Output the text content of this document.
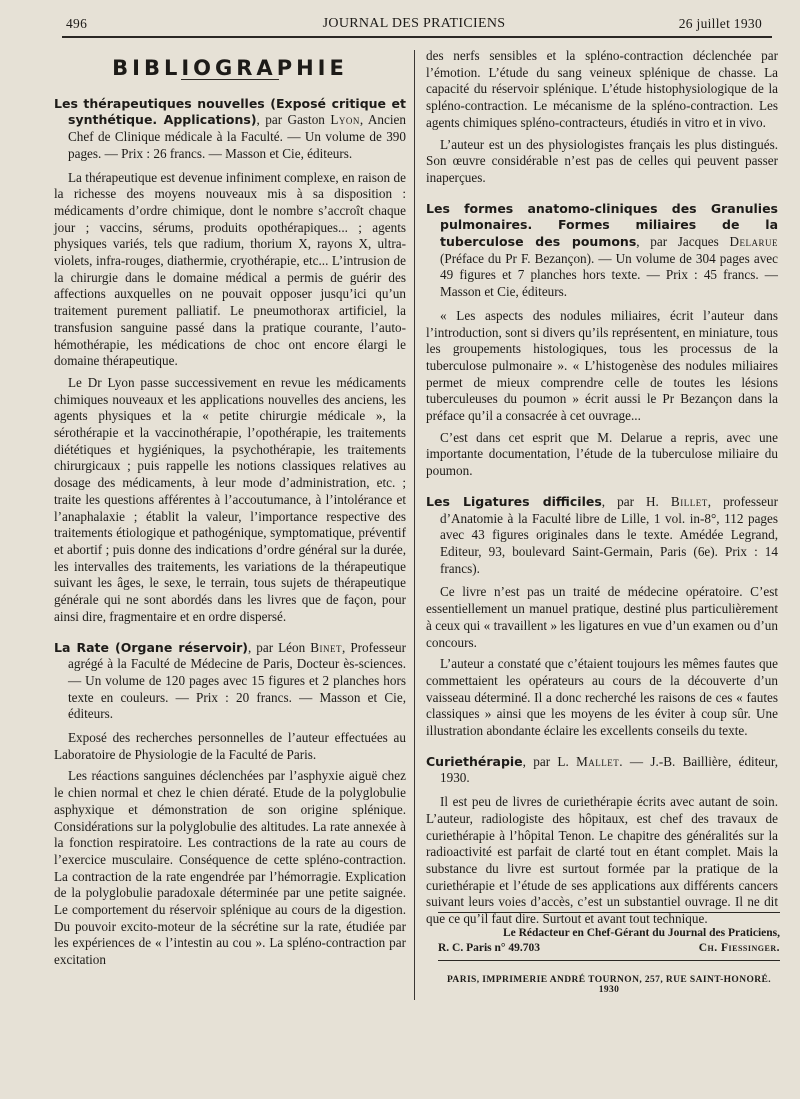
496	JOURNAL DES PRATICIENS	26 juillet 1930
BIBLIOGRAPHIE

Les thérapeutiques nouvelles (Exposé critique et synthétique. Applications), par Gaston Lyon, Ancien Chef de Clinique médicale à la Faculté. — Un volume de 390 pages. — Prix : 26 francs. — Masson et Cie, éditeurs.

La thérapeutique est devenue infiniment complexe, en raison de la richesse des moyens nouveaux mis à sa disposition : médicaments d’ordre chimique, dont le nombre s’accroît chaque jour ; vaccins, sérums, produits opothérapiques... ; agents physiques variés, tels que radium, thorium X, rayons X, ultra-violets, infra-rouges, diathermie, cryothérapie, etc... L’intrusion de la chirurgie dans le domaine médical a permis de guérir des affections auxquelles on ne pouvait opposer jusqu’ici qu’un traitement purement palliatif. Le pneumothorax artificiel, la transfusion sanguine passé dans la pratique courante, l’auto-hémothérapie, les médications de choc ont encore élargi le domaine thérapeutique.

Le Dr Lyon passe successivement en revue les médicaments chimiques nouveaux et les applications nouvelles des anciens, les agents physiques et la « petite chirurgie médicale », la sérothérapie et la vaccinothérapie, l’opothérapie, les traitements diététiques et hygiéniques, la psychothérapie, les traitements chirurgicaux ; puis rappelle les notions classiques relatives au dosage des médicaments, à leur mode d’administration, etc. ; traite les questions afférentes à l’accoutumance, à l’intolérance et l’anaphalaxie ; établit la valeur, l’importance respective des traitements étiologique et pathogénique, symptomatique, préventif et abortif ; puis donne des indications d’ordre général sur la durée, les intervalles des traitements, les variations de la thérapeutique suivant les âges, le sexe, le terrain, tous sujets de thérapeutique générale qui ne sont abordés dans les livres que de façon, pour ainsi dire, fragmentaire et en ordre dispersé.

La Rate (Organe réservoir), par Léon Binet, Professeur agrégé à la Faculté de Médecine de Paris, Docteur ès-sciences. — Un volume de 120 pages avec 15 figures et 2 planches hors texte en couleurs. — Prix : 20 francs. — Masson et Cie, éditeurs.

Exposé des recherches personnelles de l’auteur effectuées au Laboratoire de Physiologie de la Faculté de Paris.

Les réactions sanguines déclenchées par l’asphyxie aiguë chez le chien normal et chez le chien dératé. Etude de la polyglobulie asphyxique et démonstration de son origine splénique. Considérations sur la polyglobulie des altitudes. La rate annexée à la fonction respiratoire. Les contractions de la rate au cours de l’exercice musculaire. Conséquence de cette spléno-contraction. La contraction de la rate engendrée par l’hémorragie. Explication de la polyglobulie paradoxale déterminée par une petite saignée. Le comportement du réservoir splénique au cours de la digestion. Du pouvoir excito-moteur de la sécrétine sur la rate, étudiée par les expériences de « l’intestin au cou ». La spléno-contraction par excitation

des nerfs sensibles et la spléno-contraction déclenchée par l’émotion. L’étude du sang veineux splénique de chasse. La capacité du réservoir splénique. L’étude histophysiologique de la spléno-contraction. Le mécanisme de la spléno-contraction. Les agents chimiques spléno-contracteurs, étudiés in vitro et in vivo.

L’auteur est un des physiologistes français les plus distingués. Son œuvre considérable n’est pas de celles qui peuvent passer inaperçues.

Les formes anatomo-cliniques des Granulies pulmonaires. Formes miliaires de la tuberculose des poumons, par Jacques Delarue (Préface du Pr F. Bezançon). — Un volume de 304 pages avec 49 figures et 7 planches hors texte. — Prix : 45 francs. — Masson et Cie, éditeurs.

« Les aspects des nodules miliaires, écrit l’auteur dans l’introduction, sont si divers qu’ils représentent, en miniature, tous les groupements histologiques, tous les processus de la tuberculose pulmonaire ». « L’histogenèse des nodules miliaires permet de mieux comprendre celle de toutes les lésions tuberculeuses du poumon » écrit aussi le Pr Bezançon dans la préface qu’il a consacrée à cet ouvrage...

C’est dans cet esprit que M. Delarue a repris, avec une importante documentation, l’étude de la tuberculose miliaire du poumon.

Les Ligatures difficiles, par H. Billet, professeur d’Anatomie à la Faculté libre de Lille, 1 vol. in-8°, 112 pages avec 43 figures originales dans le texte. Amédée Legrand, Editeur, 93, boulevard Saint-Germain, Paris (6e). Prix : 14 francs).

Ce livre n’est pas un traité de médecine opératoire. C’est essentiellement un manuel pratique, destiné plus particulièrement à ceux qui « travaillent » les ligatures en vue d’un examen ou d’un concours.

L’auteur a constaté que c’étaient toujours les mêmes fautes que commettaient les opérateurs au cours de la découverte d’un vaisseau déterminé. Il a donc recherché les raisons de ces « fautes classiques » ainsi que les moyens de les éviter à coup sûr. Une illustration abondante éclaire les excellents conseils du texte.

Curiethérapie, par L. Mallet. — J.-B. Baillière, éditeur, 1930.

Il est peu de livres de curiethérapie écrits avec autant de soin. L’auteur, radiologiste des hôpitaux, est chef des travaux de curiethérapie à l’hôpital Tenon. Le chapitre des généralités sur la radioactivité est parfait de clarté tout en étant complet. Mais la substance du livre est surtout formée par la pratique de la curiethérapie et l’étude de ses applications aux différents cancers suivant leurs voies d’accès, c’est un substantiel ouvrage. Il ne dit que ce qu’il faut dire. Surtout et avant tout technique.

Le Rédacteur en Chef-Gérant du Journal des Praticiens,
R. C. Paris n° 49.703	Ch. Fiessinger.
PARIS, IMPRIMERIE ANDRÉ TOURNON, 257, RUE SAINT-HONORÉ. 1930
